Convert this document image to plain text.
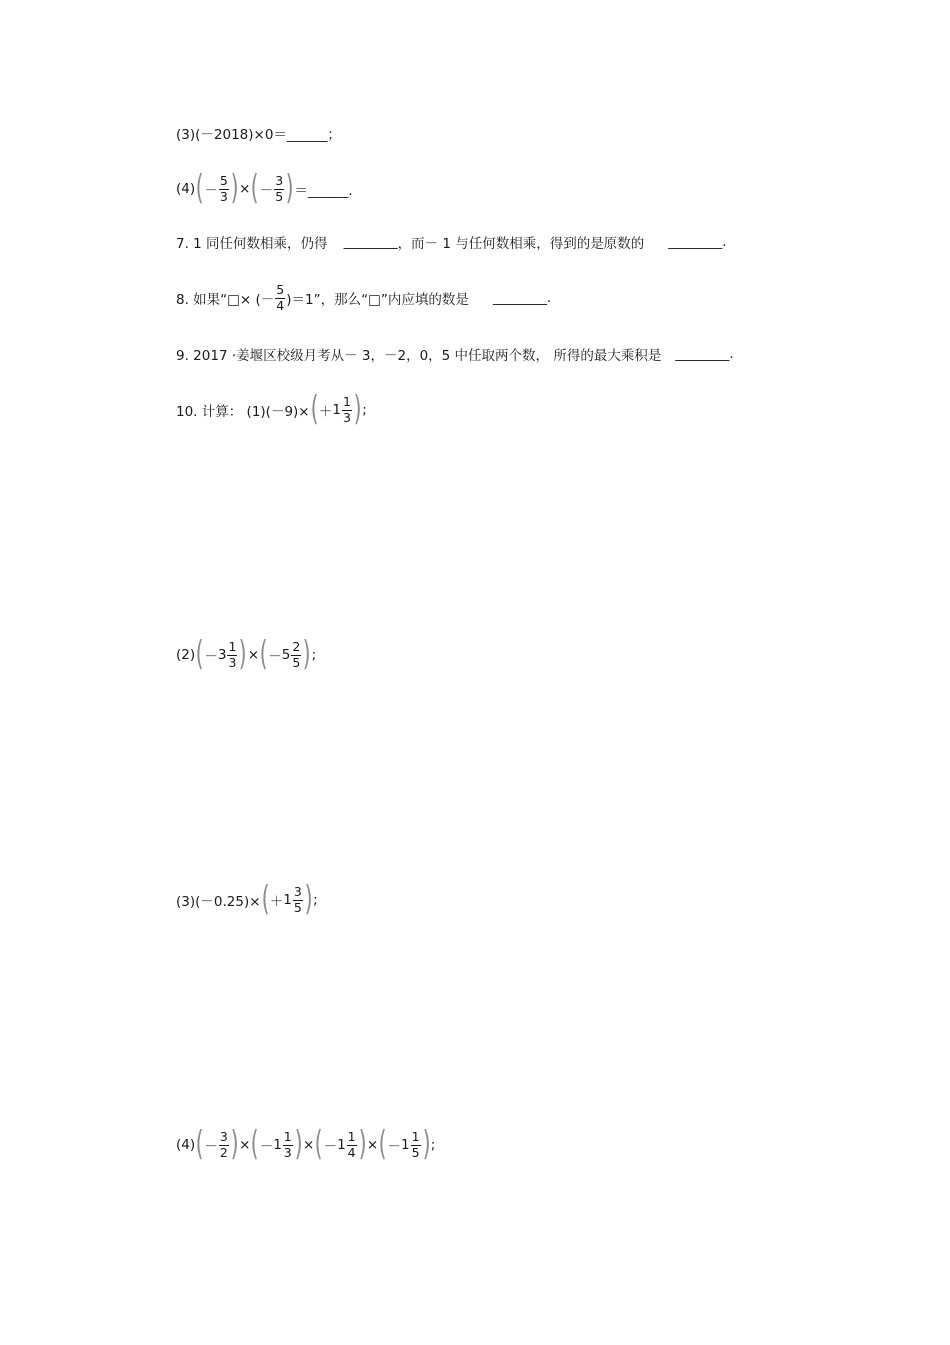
(3)(－2018)×0＝______；
(4) ( － $\frac{5}{3}$ ) × ( － $\frac{3}{5}$ ) ＝______.
7. 1 同任何数相乘，仍得 ________ ，而－ 1 与任何数相乘，得到的是原数的 ________ .
8. 如果“□× (－ $\frac{5}{4} )=1$”，那么“□”内应填的数是 ________ .
9. 2017 ·姜堰区校级月考从－ 3，－2，0，5 中任取两个数， 所得的最大乘积是 ________ .
10. 计算： (1)(－9)× ( ＋ $1 \frac{1}{3}$ ) ;
(2) ( － $3 \frac{1}{3}$ ) × ( － $5 \frac{2}{5}$ ) ;
(3)(－0.25)× ( ＋ $1 \frac{3}{5}$ ) ;
(4) ( － $\frac{3}{2}$ ) × ( － $1 \frac{1}{3}$ ) × ( － $1 \frac{1}{4}$ ) × ( － $1 \frac{1}{5}$ ) ;
